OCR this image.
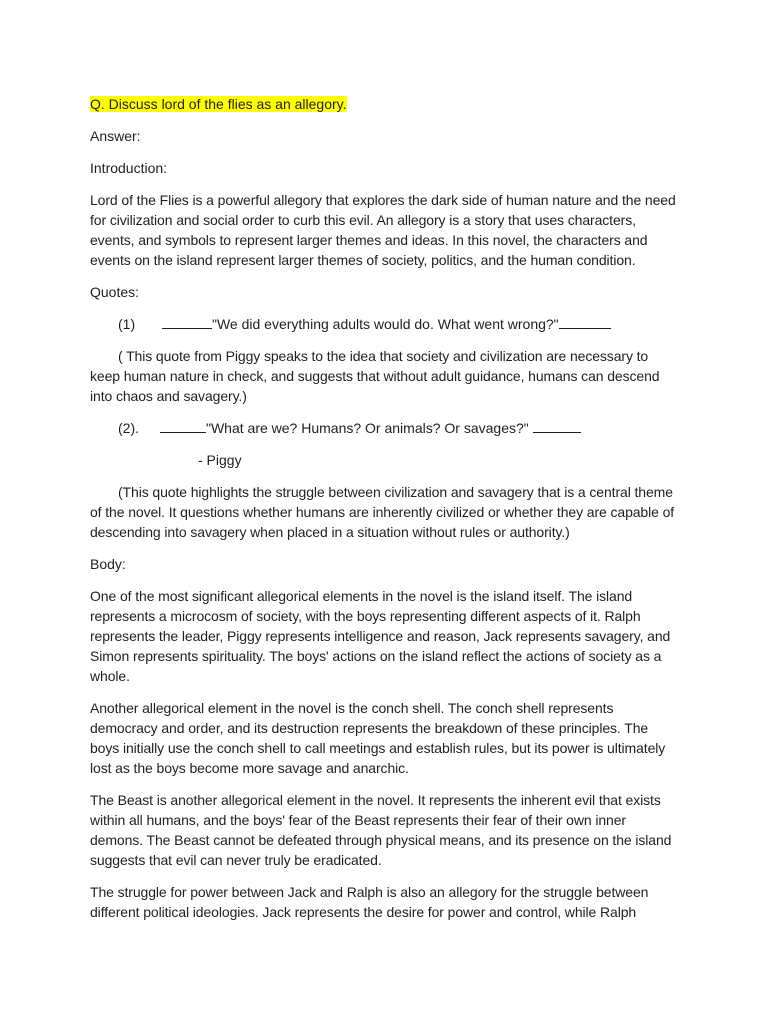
Q. Discuss lord of the flies as an allegory.

Answer:

Introduction:

Lord of the Flies is a powerful allegory that explores the dark side of human nature and the need

for civilization and social order to curb this evil. An allegory is a story that uses characters,

events, and symbols to represent larger themes and ideas. In this novel, the characters and

events on the island represent larger themes of society, politics, and the human condition.

Quotes:

(1)	"We did everything adults would do. What went wrong?"

( This quote from Piggy speaks to the idea that society and civilization are necessary to

keep human nature in check, and suggests that without adult guidance, humans can descend

into chaos and savagery.)

(2).	"What are we? Humans? Or animals? Or savages?"

- Piggy

(This quote highlights the struggle between civilization and savagery that is a central theme

of the novel. It questions whether humans are inherently civilized or whether they are capable of

descending into savagery when placed in a situation without rules or authority.)

Body:

One of the most significant allegorical elements in the novel is the island itself. The island

represents a microcosm of society, with the boys representing different aspects of it. Ralph

represents the leader, Piggy represents intelligence and reason, Jack represents savagery, and

Simon represents spirituality. The boys' actions on the island reflect the actions of society as a

whole.

Another allegorical element in the novel is the conch shell. The conch shell represents

democracy and order, and its destruction represents the breakdown of these principles. The

boys initially use the conch shell to call meetings and establish rules, but its power is ultimately

lost as the boys become more savage and anarchic.

The Beast is another allegorical element in the novel. It represents the inherent evil that exists

within all humans, and the boys' fear of the Beast represents their fear of their own inner

demons. The Beast cannot be defeated through physical means, and its presence on the island

suggests that evil can never truly be eradicated.

The struggle for power between Jack and Ralph is also an allegory for the struggle between

different political ideologies. Jack represents the desire for power and control, while Ralph
